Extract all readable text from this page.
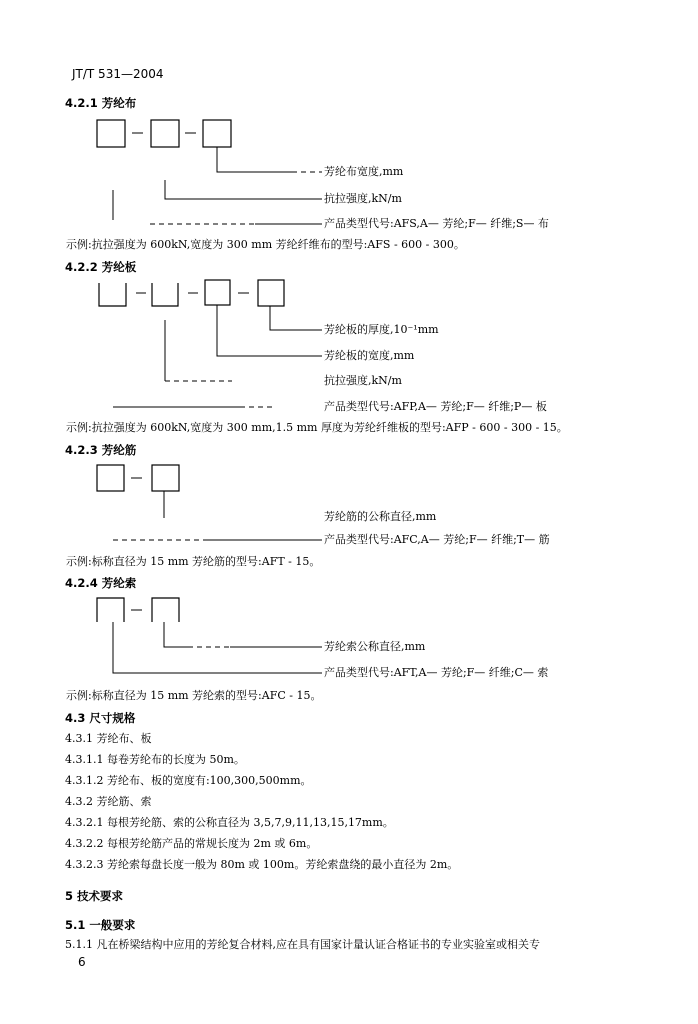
JT/T 531—2004
4.2.1 芳纶布
芳纶布宽度,mm
抗拉强度,kN/m
产品类型代号:AFS,A— 芳纶;F— 纤维;S— 布
示例:抗拉强度为 600kN,宽度为 300 mm 芳纶纤维布的型号:AFS - 600 - 300。
4.2.2 芳纶板
芳纶板的厚度,10⁻¹mm
芳纶板的宽度,mm
抗拉强度,kN/m
产品类型代号:AFP,A— 芳纶;F— 纤维;P— 板
示例:抗拉强度为 600kN,宽度为 300 mm,1.5 mm 厚度为芳纶纤维板的型号:AFP - 600 - 300 - 15。
4.2.3 芳纶筋
芳纶筋的公称直径,mm
产品类型代号:AFC,A— 芳纶;F— 纤维;T— 筋
示例:标称直径为 15 mm 芳纶筋的型号:AFT - 15。
4.2.4 芳纶索
芳纶索公称直径,mm
产品类型代号:AFT,A— 芳纶;F— 纤维;C— 索
示例:标称直径为 15 mm 芳纶索的型号:AFC - 15。
4.3 尺寸规格
4.3.1 芳纶布、板
4.3.1.1 每卷芳纶布的长度为 50m。
4.3.1.2 芳纶布、板的宽度有:100,300,500mm。
4.3.2 芳纶筋、索
4.3.2.1 每根芳纶筋、索的公称直径为 3,5,7,9,11,13,15,17mm。
4.3.2.2 每根芳纶筋产品的常规长度为 2m 或 6m。
4.3.2.3 芳纶索每盘长度一般为 80m 或 100m。芳纶索盘绕的最小直径为 2m。
5 技术要求
5.1 一般要求
5.1.1 凡在桥梁结构中应用的芳纶复合材料,应在具有国家计量认证合格证书的专业实验室或相关专
6
